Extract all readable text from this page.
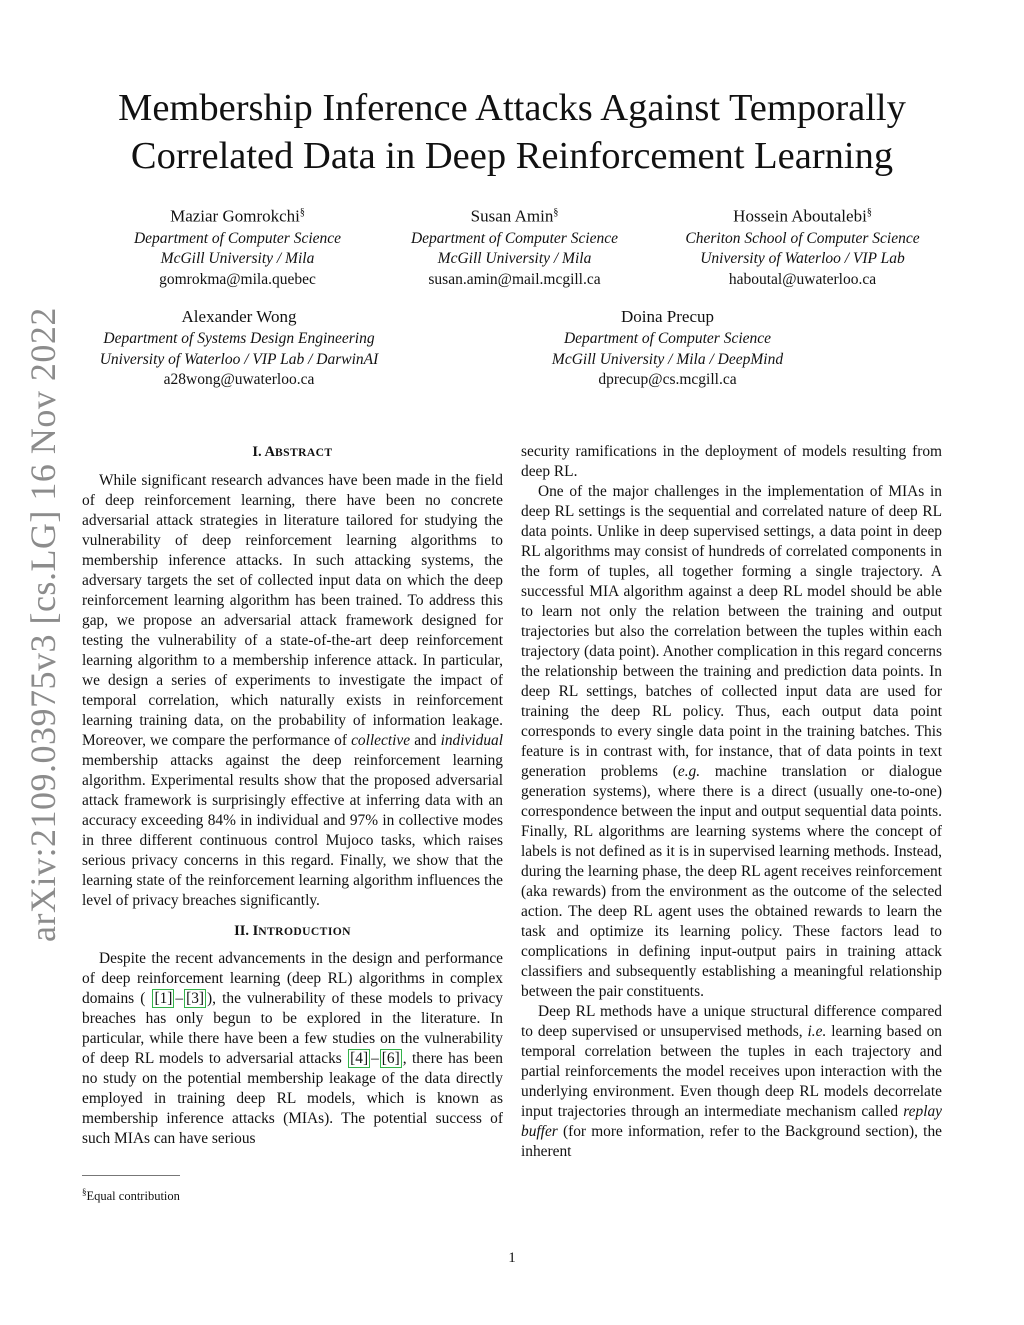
arXiv:2109.03975v3 [cs.LG] 16 Nov 2022
Membership Inference Attacks Against Temporally Correlated Data in Deep Reinforcement Learning
Maziar Gomrokchi§
Department of Computer Science
McGill University / Mila
gomrokma@mila.quebec
Susan Amin§
Department of Computer Science
McGill University / Mila
susan.amin@mail.mcgill.ca
Hossein Aboutalebi§
Cheriton School of Computer Science
University of Waterloo / VIP Lab
haboutal@uwaterloo.ca
Alexander Wong
Department of Systems Design Engineering
University of Waterloo / VIP Lab / DarwinAI
a28wong@uwaterloo.ca
Doina Precup
Department of Computer Science
McGill University / Mila / DeepMind
dprecup@cs.mcgill.ca
I. ABSTRACT

While significant research advances have been made in the field of deep reinforcement learning, there have been no concrete adversarial attack strategies in literature tailored for studying the vulnerability of deep reinforcement learning algorithms to membership inference attacks. In such attacking systems, the adversary targets the set of collected input data on which the deep reinforcement learning algorithm has been trained. To address this gap, we propose an adversarial attack framework designed for testing the vulnerability of a state-of-the-art deep reinforcement learning algorithm to a membership inference attack. In particular, we design a series of experiments to investigate the impact of temporal correlation, which naturally exists in reinforcement learning training data, on the probability of information leakage. Moreover, we compare the performance of collective and individual membership attacks against the deep reinforcement learning algorithm. Experimental results show that the proposed adversarial attack framework is surprisingly effective at inferring data with an accuracy exceeding 84% in individual and 97% in collective modes in three different continuous control Mujoco tasks, which raises serious privacy concerns in this regard. Finally, we show that the learning state of the reinforcement learning algorithm influences the level of privacy breaches significantly.

II. INTRODUCTION

Despite the recent advancements in the design and performance of deep reinforcement learning (deep RL) algorithms in complex domains ( [1] – [3] ), the vulnerability of these models to privacy breaches has only begun to be explored in the literature. In particular, while there have been a few studies on the vulnerability of deep RL models to adversarial attacks [4] – [6] , there has been no study on the potential membership leakage of the data directly employed in training deep RL models, which is known as membership inference attacks (MIAs). The potential success of such MIAs can have serious

security ramifications in the deployment of models resulting from deep RL.

One of the major challenges in the implementation of MIAs in deep RL settings is the sequential and correlated nature of deep RL data points. Unlike in deep supervised settings, a data point in deep RL algorithms may consist of hundreds of correlated components in the form of tuples, all together forming a single trajectory. A successful MIA algorithm against a deep RL model should be able to learn not only the relation between the training and output trajectories but also the correlation between the tuples within each trajectory (data point). Another complication in this regard concerns the relationship between the training and prediction data points. In deep RL settings, batches of collected input data are used for training the deep RL policy. Thus, each output data point corresponds to every single data point in the training batches. This feature is in contrast with, for instance, that of data points in text generation problems (e.g. machine translation or dialogue generation systems), where there is a direct (usually one-to-one) correspondence between the input and output sequential data points. Finally, RL algorithms are learning systems where the concept of labels is not defined as it is in supervised learning methods. Instead, during the learning phase, the deep RL agent receives reinforcement (aka rewards) from the environment as the outcome of the selected action. The deep RL agent uses the obtained rewards to learn the task and optimize its learning policy. These factors lead to complications in defining input-output pairs in training attack classifiers and subsequently establishing a meaningful relationship between the pair constituents.

Deep RL methods have a unique structural difference compared to deep supervised or unsupervised methods, i.e. learning based on temporal correlation between the tuples in each trajectory and partial reinforcements the model receives upon interaction with the underlying environment. Even though deep RL models decorrelate input trajectories through an intermediate mechanism called replay buffer (for more information, refer to the Background section), the inherent

§Equal contribution
1
